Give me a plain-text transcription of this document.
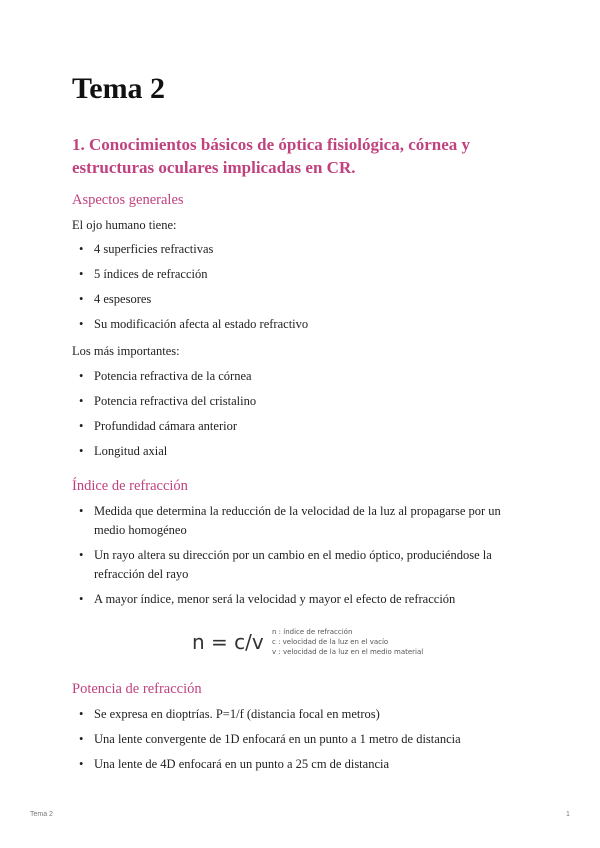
Tema 2
1. Conocimientos básicos de óptica fisiológica, córnea y estructuras oculares implicadas en CR.
Aspectos generales

El ojo humano tiene:

• 4 superficies refractivas
• 5 índices de refracción
• 4 espesores
• Su modificación afecta al estado refractivo

Los más importantes:

• Potencia refractiva de la córnea
• Potencia refractiva del cristalino
• Profundidad cámara anterior
• Longitud axial
Índice de refracción
• Medida que determina la reducción de la velocidad de la luz al propagarse por un medio homogéneo
• Un rayo altera su dirección por un cambio en el medio óptico, produciéndose la refracción del rayo
• A mayor índice, menor será la velocidad y mayor el efecto de refracción
n = c/v	n : índice de refracción
c : velocidad de la luz en el vacío
v : velocidad de la luz en el medio material
Potencia de refracción
• Se expresa en dioptrías. P=1/f (distancia focal en metros)
• Una lente convergente de 1D enfocará en un punto a 1 metro de distancia
• Una lente de 4D enfocará en un punto a 25 cm de distancia
Tema 2	1
